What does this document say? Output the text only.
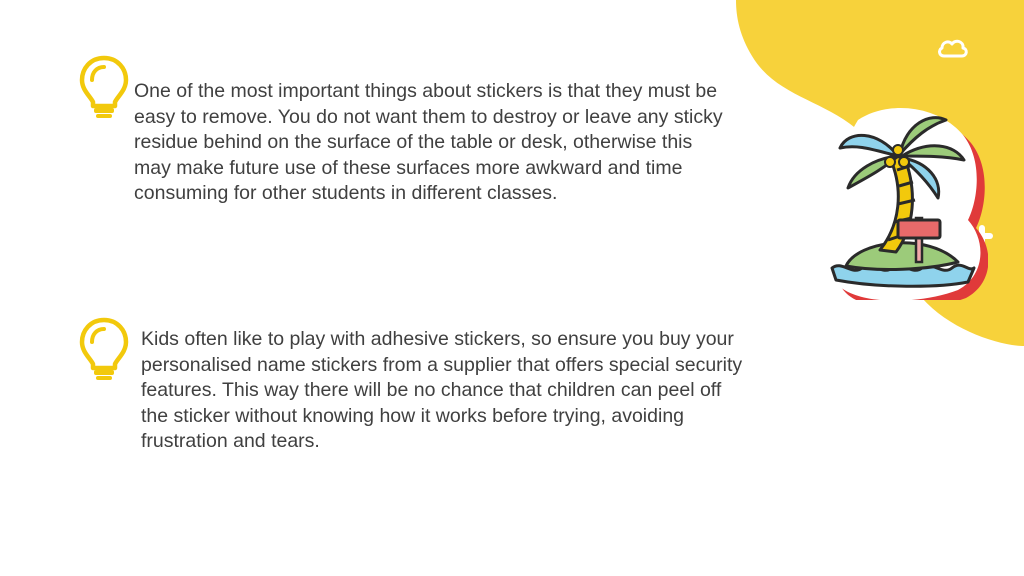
One of the most important things about stickers is that they must be easy to remove. You do not want them to destroy or leave any sticky residue behind on the surface of the table or desk, otherwise this may make future use of these surfaces more awkward and time consuming for other students in different classes.

Kids often like to play with adhesive stickers, so ensure you buy your personalised name stickers from a supplier that offers special security features. This way there will be no chance that children can peel off the sticker without knowing how it works before trying, avoiding frustration and tears.
